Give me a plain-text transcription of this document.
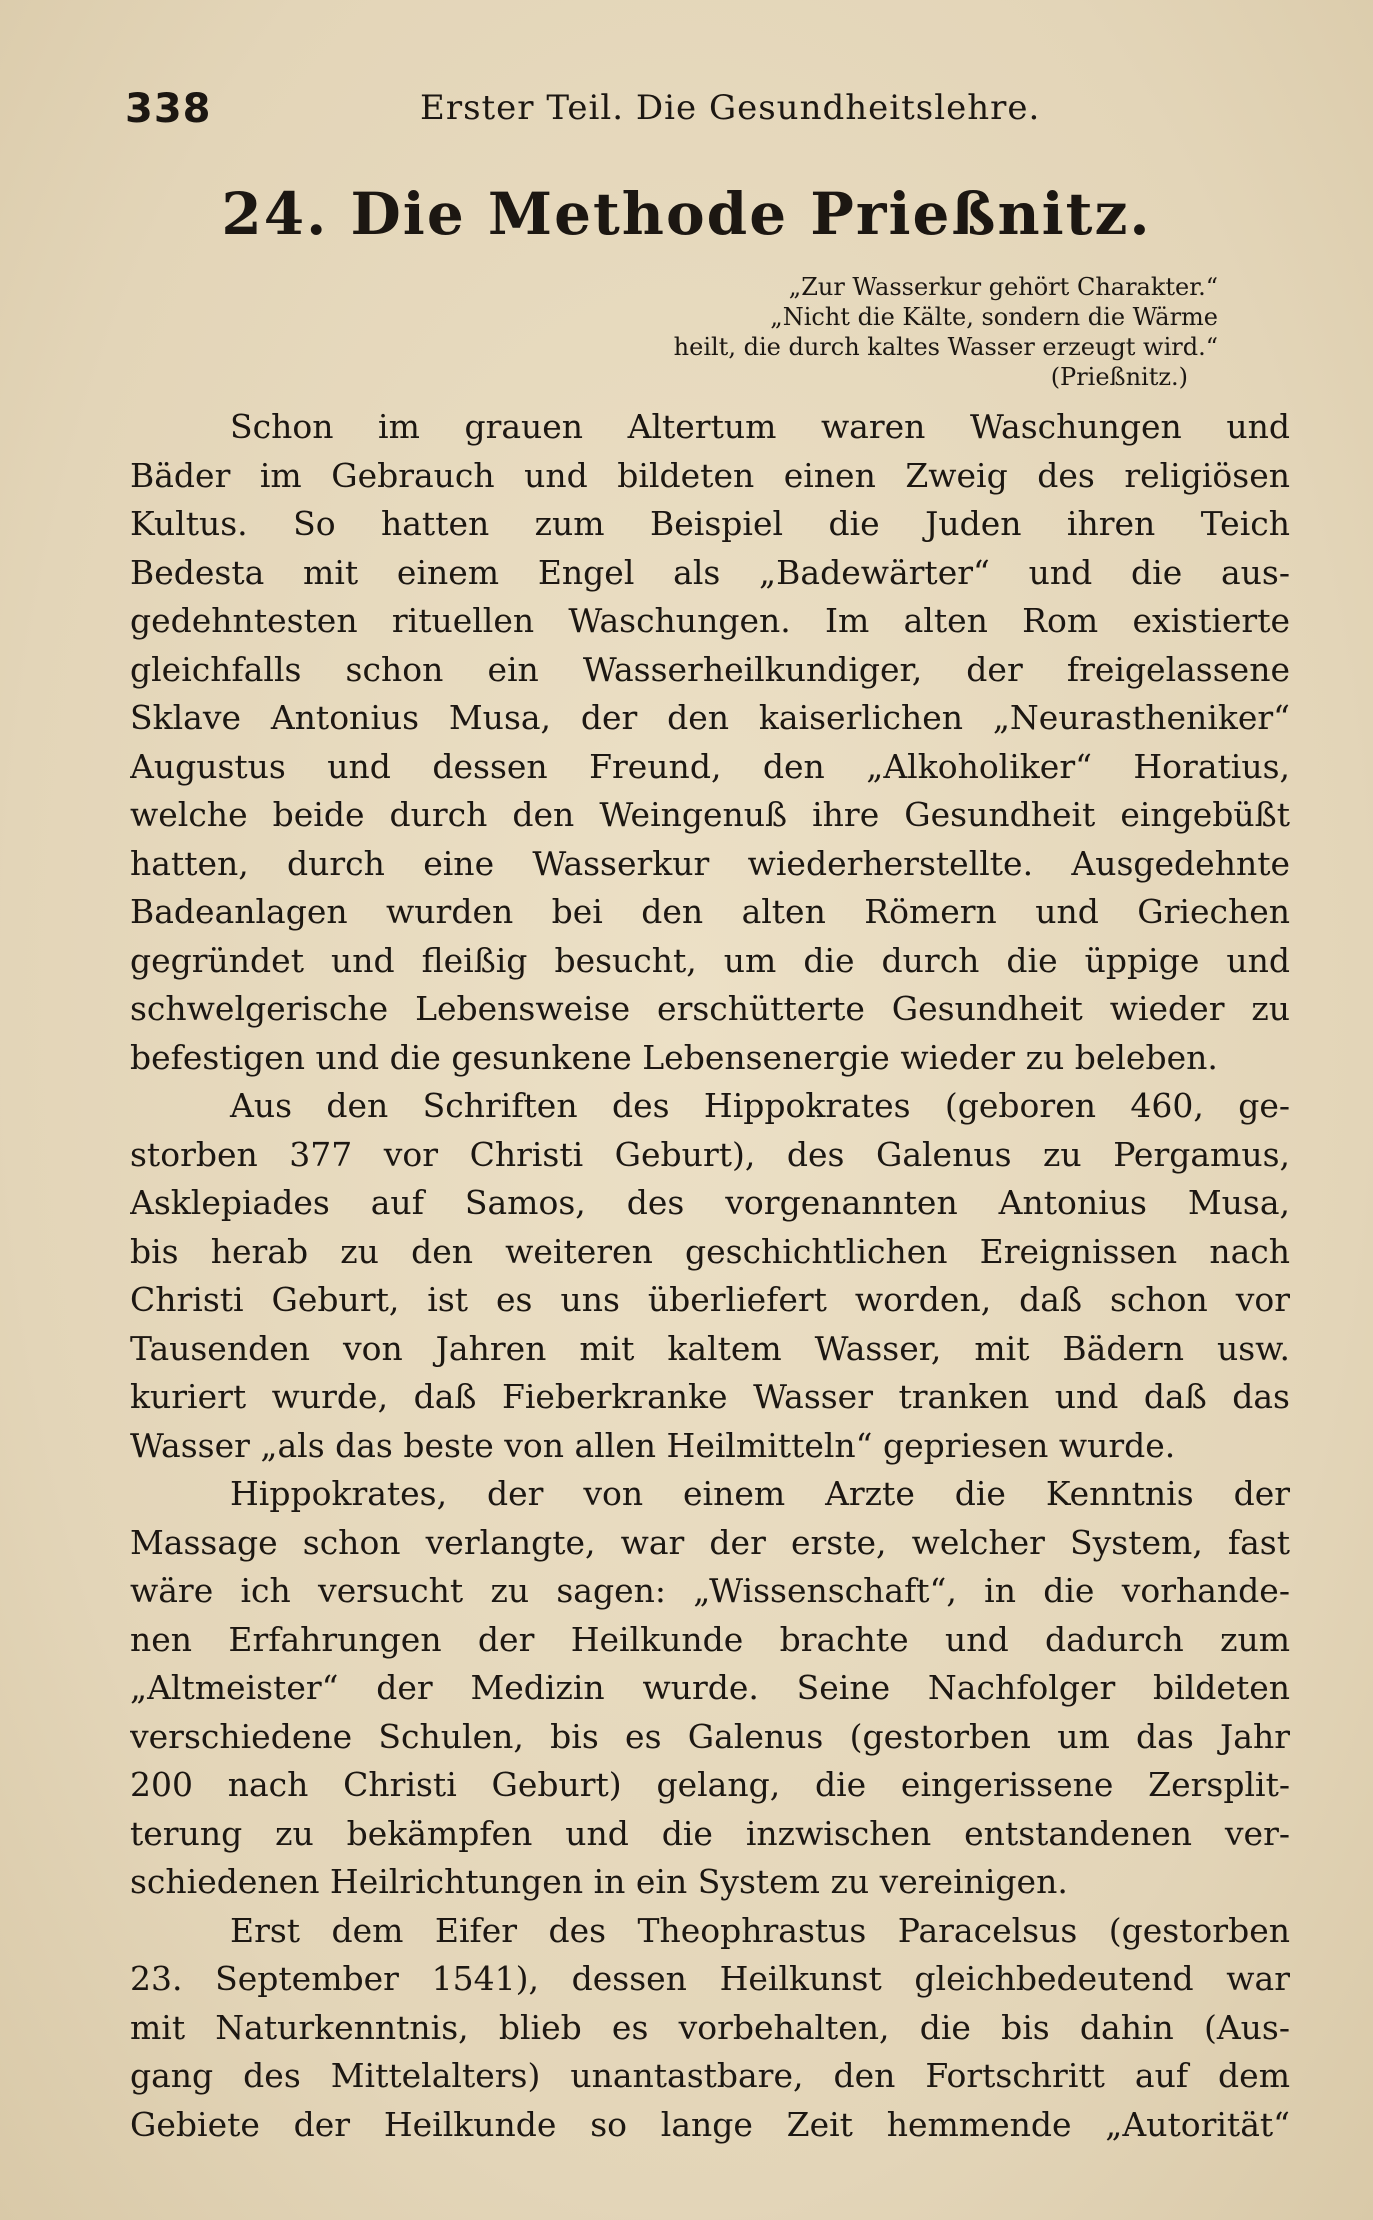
338	Erster Teil. Die Gesundheitslehre.
24. Die Methode Prießnitz.
„Zur Wasserkur gehört Charakter.“
„Nicht die Kälte, sondern die Wärme
heilt, die durch kaltes Wasser erzeugt wird.“
(Prießnitz.)
Schon im grauen Altertum waren Waschungen und
Bäder im Gebrauch und bildeten einen Zweig des religiösen
Kultus. So hatten zum Beispiel die Juden ihren Teich
Bedesta mit einem Engel als „Badewärter“ und die aus-
gedehntesten rituellen Waschungen. Im alten Rom existierte
gleichfalls schon ein Wasserheilkundiger, der freigelassene
Sklave Antonius Musa, der den kaiserlichen „Neurastheniker“
Augustus und dessen Freund, den „Alkoholiker“ Horatius,
welche beide durch den Weingenuß ihre Gesundheit eingebüßt
hatten, durch eine Wasserkur wiederherstellte. Ausgedehnte
Badeanlagen wurden bei den alten Römern und Griechen
gegründet und fleißig besucht, um die durch die üppige und
schwelgerische Lebensweise erschütterte Gesundheit wieder zu
befestigen und die gesunkene Lebensenergie wieder zu beleben.
Aus den Schriften des Hippokrates (geboren 460, ge-
storben 377 vor Christi Geburt), des Galenus zu Pergamus,
Asklepiades auf Samos, des vorgenannten Antonius Musa,
bis herab zu den weiteren geschichtlichen Ereignissen nach
Christi Geburt, ist es uns überliefert worden, daß schon vor
Tausenden von Jahren mit kaltem Wasser, mit Bädern usw.
kuriert wurde, daß Fieberkranke Wasser tranken und daß das
Wasser „als das beste von allen Heilmitteln“ gepriesen wurde.
Hippokrates, der von einem Arzte die Kenntnis der
Massage schon verlangte, war der erste, welcher System, fast
wäre ich versucht zu sagen: „Wissenschaft“, in die vorhande-
nen Erfahrungen der Heilkunde brachte und dadurch zum
„Altmeister“ der Medizin wurde. Seine Nachfolger bildeten
verschiedene Schulen, bis es Galenus (gestorben um das Jahr
200 nach Christi Geburt) gelang, die eingerissene Zersplit-
terung zu bekämpfen und die inzwischen entstandenen ver-
schiedenen Heilrichtungen in ein System zu vereinigen.
Erst dem Eifer des Theophrastus Paracelsus (gestorben
23. September 1541), dessen Heilkunst gleichbedeutend war
mit Naturkenntnis, blieb es vorbehalten, die bis dahin (Aus-
gang des Mittelalters) unantastbare, den Fortschritt auf dem
Gebiete der Heilkunde so lange Zeit hemmende „Autorität“
